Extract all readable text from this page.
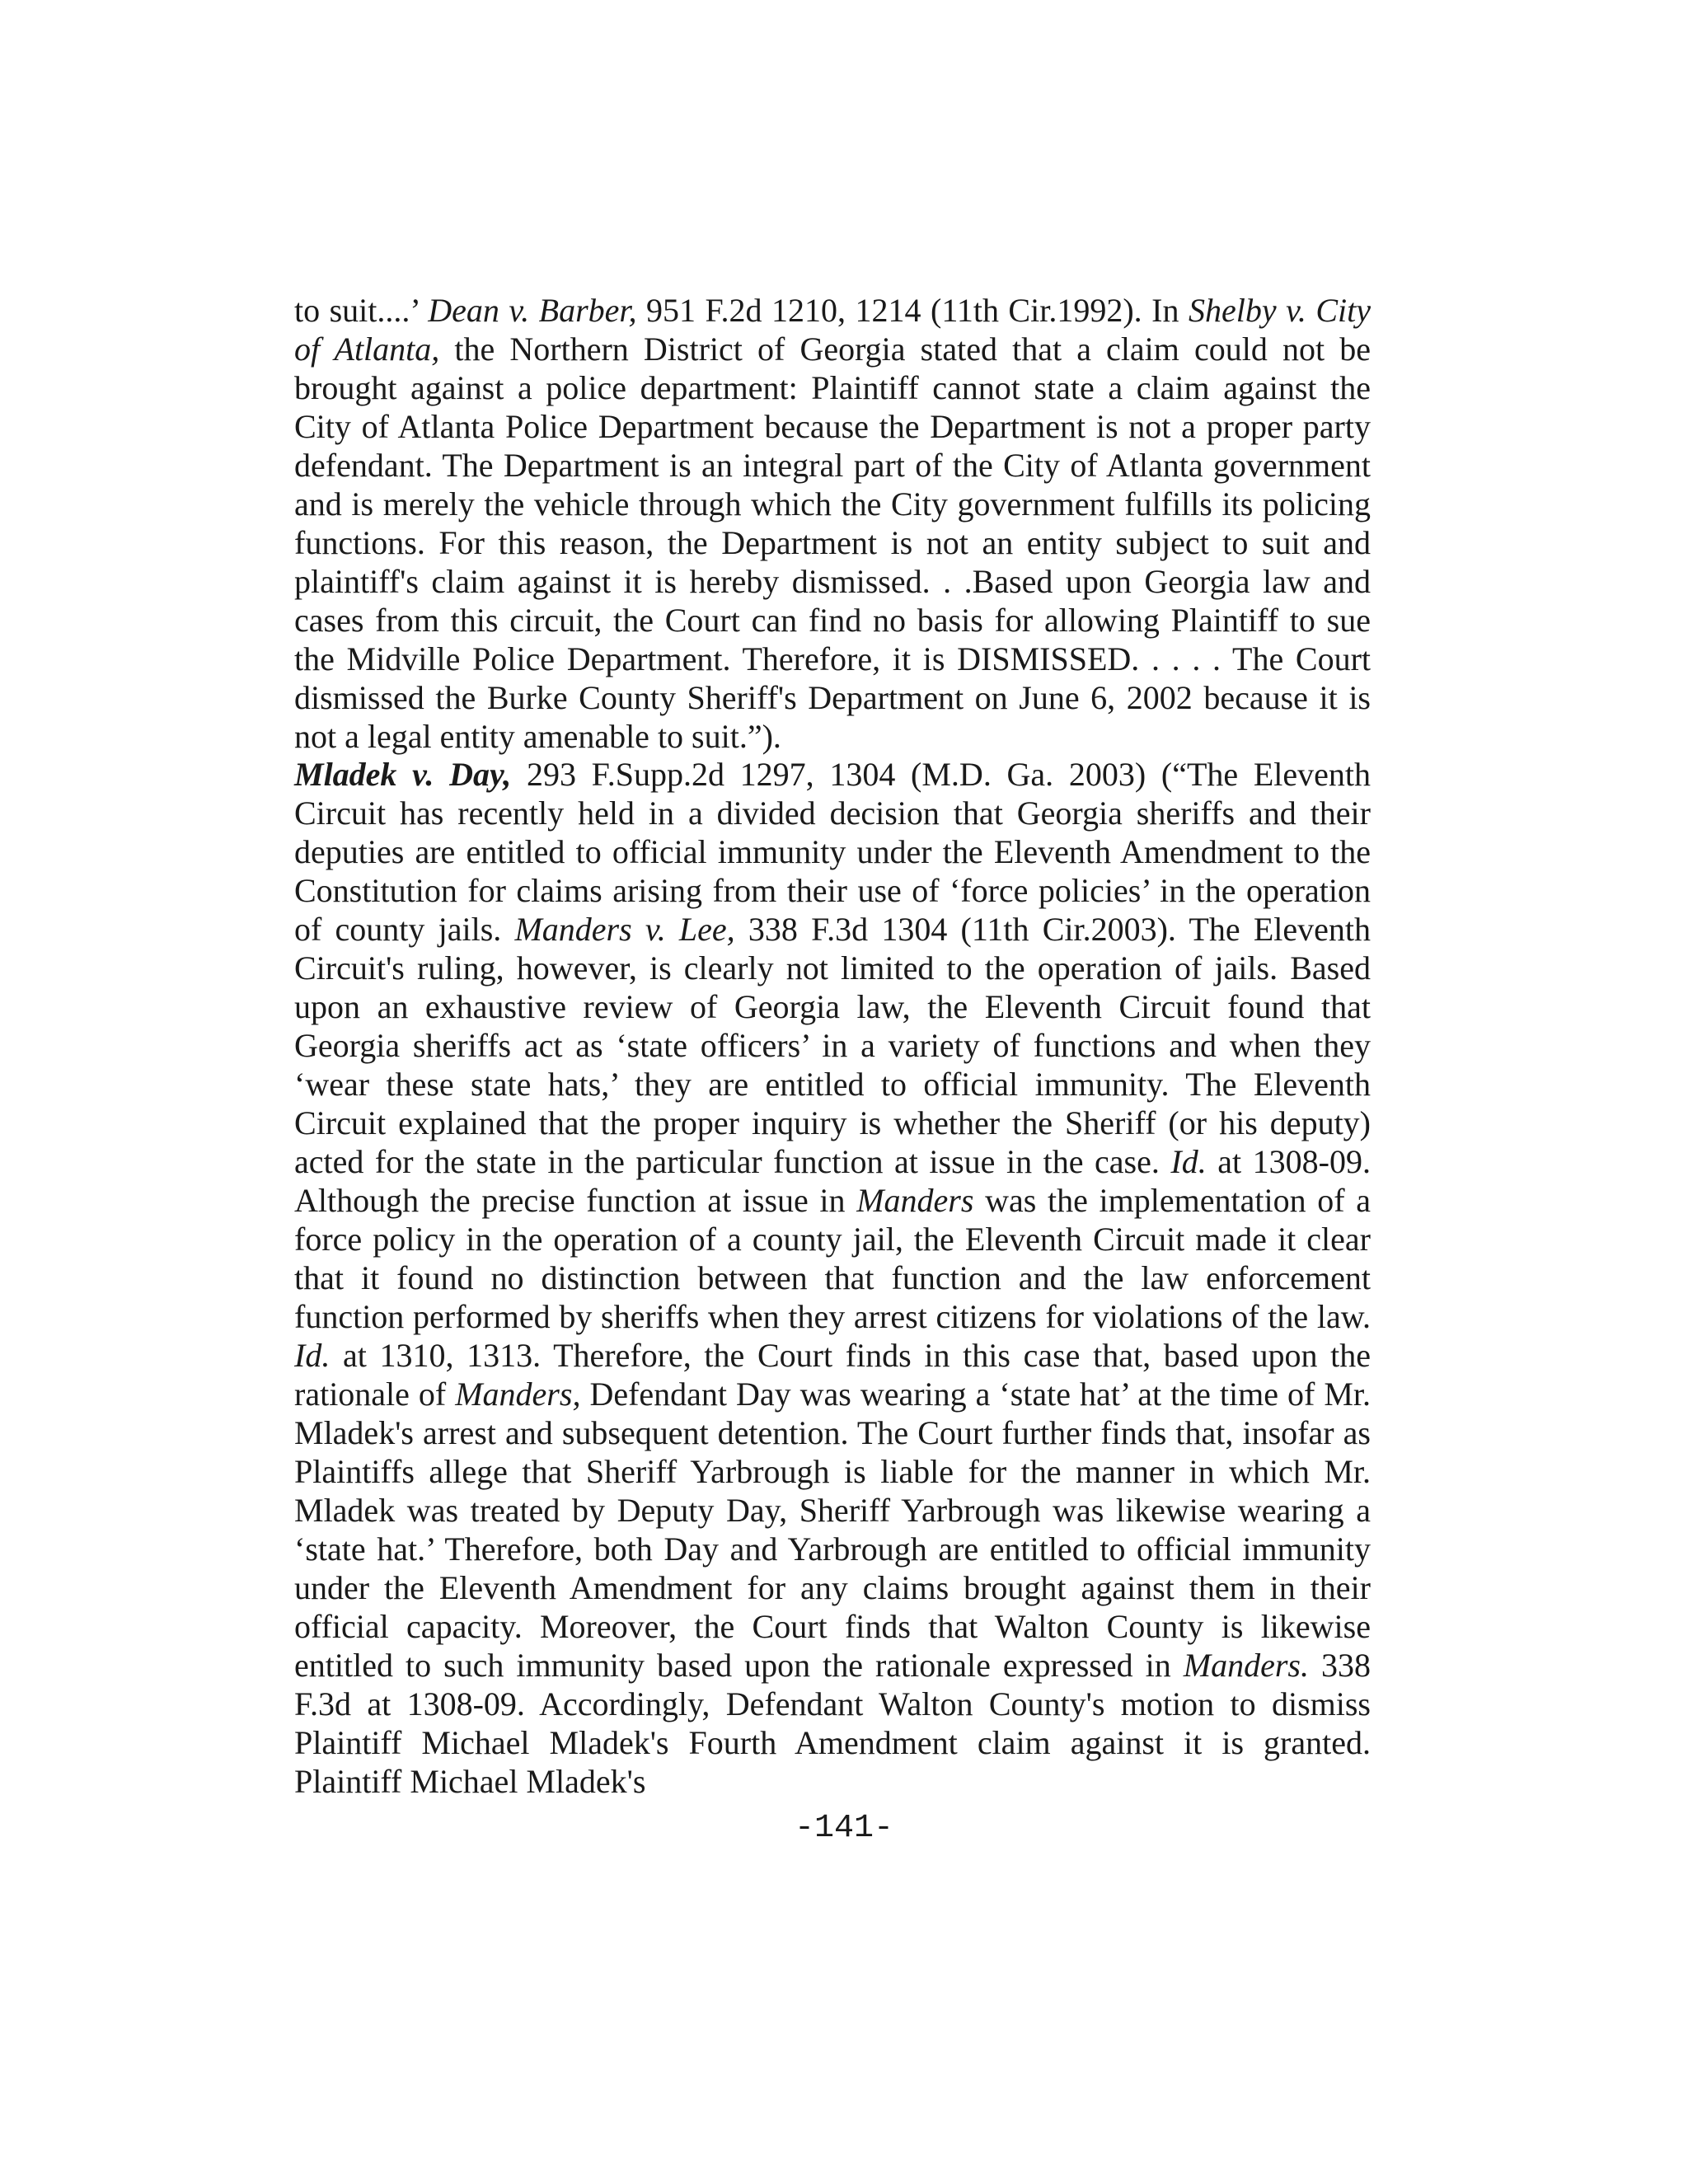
to suit....’ Dean v. Barber, 951 F.2d 1210, 1214 (11th Cir.1992). In Shelby v. City of Atlanta, the Northern District of Georgia stated that a claim could not be brought against a police department: Plaintiff cannot state a claim against the City of Atlanta Police Department because the Department is not a proper party defendant. The Department is an integral part of the City of Atlanta government and is merely the vehicle through which the City government fulfills its policing functions. For this reason, the Department is not an entity subject to suit and plaintiff's claim against it is hereby dismissed. . .Based upon Georgia law and cases from this circuit, the Court can find no basis for allowing Plaintiff to sue the Midville Police Department. Therefore, it is DISMISSED. . . . . The Court dismissed the Burke County Sheriff's Department on June 6, 2002 because it is not a legal entity amenable to suit.”).

Mladek v. Day, 293 F.Supp.2d 1297, 1304 (M.D. Ga. 2003) (“The Eleventh Circuit has recently held in a divided decision that Georgia sheriffs and their deputies are entitled to official immunity under the Eleventh Amendment to the Constitution for claims arising from their use of ‘force policies’ in the operation of county jails. Manders v. Lee, 338 F.3d 1304 (11th Cir.2003). The Eleventh Circuit's ruling, however, is clearly not limited to the operation of jails. Based upon an exhaustive review of Georgia law, the Eleventh Circuit found that Georgia sheriffs act as ‘state officers’ in a variety of functions and when they ‘wear these state hats,’ they are entitled to official immunity. The Eleventh Circuit explained that the proper inquiry is whether the Sheriff (or his deputy) acted for the state in the particular function at issue in the case. Id. at 1308-09. Although the precise function at issue in Manders was the implementation of a force policy in the operation of a county jail, the Eleventh Circuit made it clear that it found no distinction between that function and the law enforcement function performed by sheriffs when they arrest citizens for violations of the law. Id. at 1310, 1313. Therefore, the Court finds in this case that, based upon the rationale of Manders, Defendant Day was wearing a ‘state hat’ at the time of Mr. Mladek's arrest and subsequent detention. The Court further finds that, insofar as Plaintiffs allege that Sheriff Yarbrough is liable for the manner in which Mr. Mladek was treated by Deputy Day, Sheriff Yarbrough was likewise wearing a ‘state hat.’ Therefore, both Day and Yarbrough are entitled to official immunity under the Eleventh Amendment for any claims brought against them in their official capacity. Moreover, the Court finds that Walton County is likewise entitled to such immunity based upon the rationale expressed in Manders. 338 F.3d at 1308-09. Accordingly, Defendant Walton County's motion to dismiss Plaintiff Michael Mladek's Fourth Amendment claim against it is granted. Plaintiff Michael Mladek's

-141-
